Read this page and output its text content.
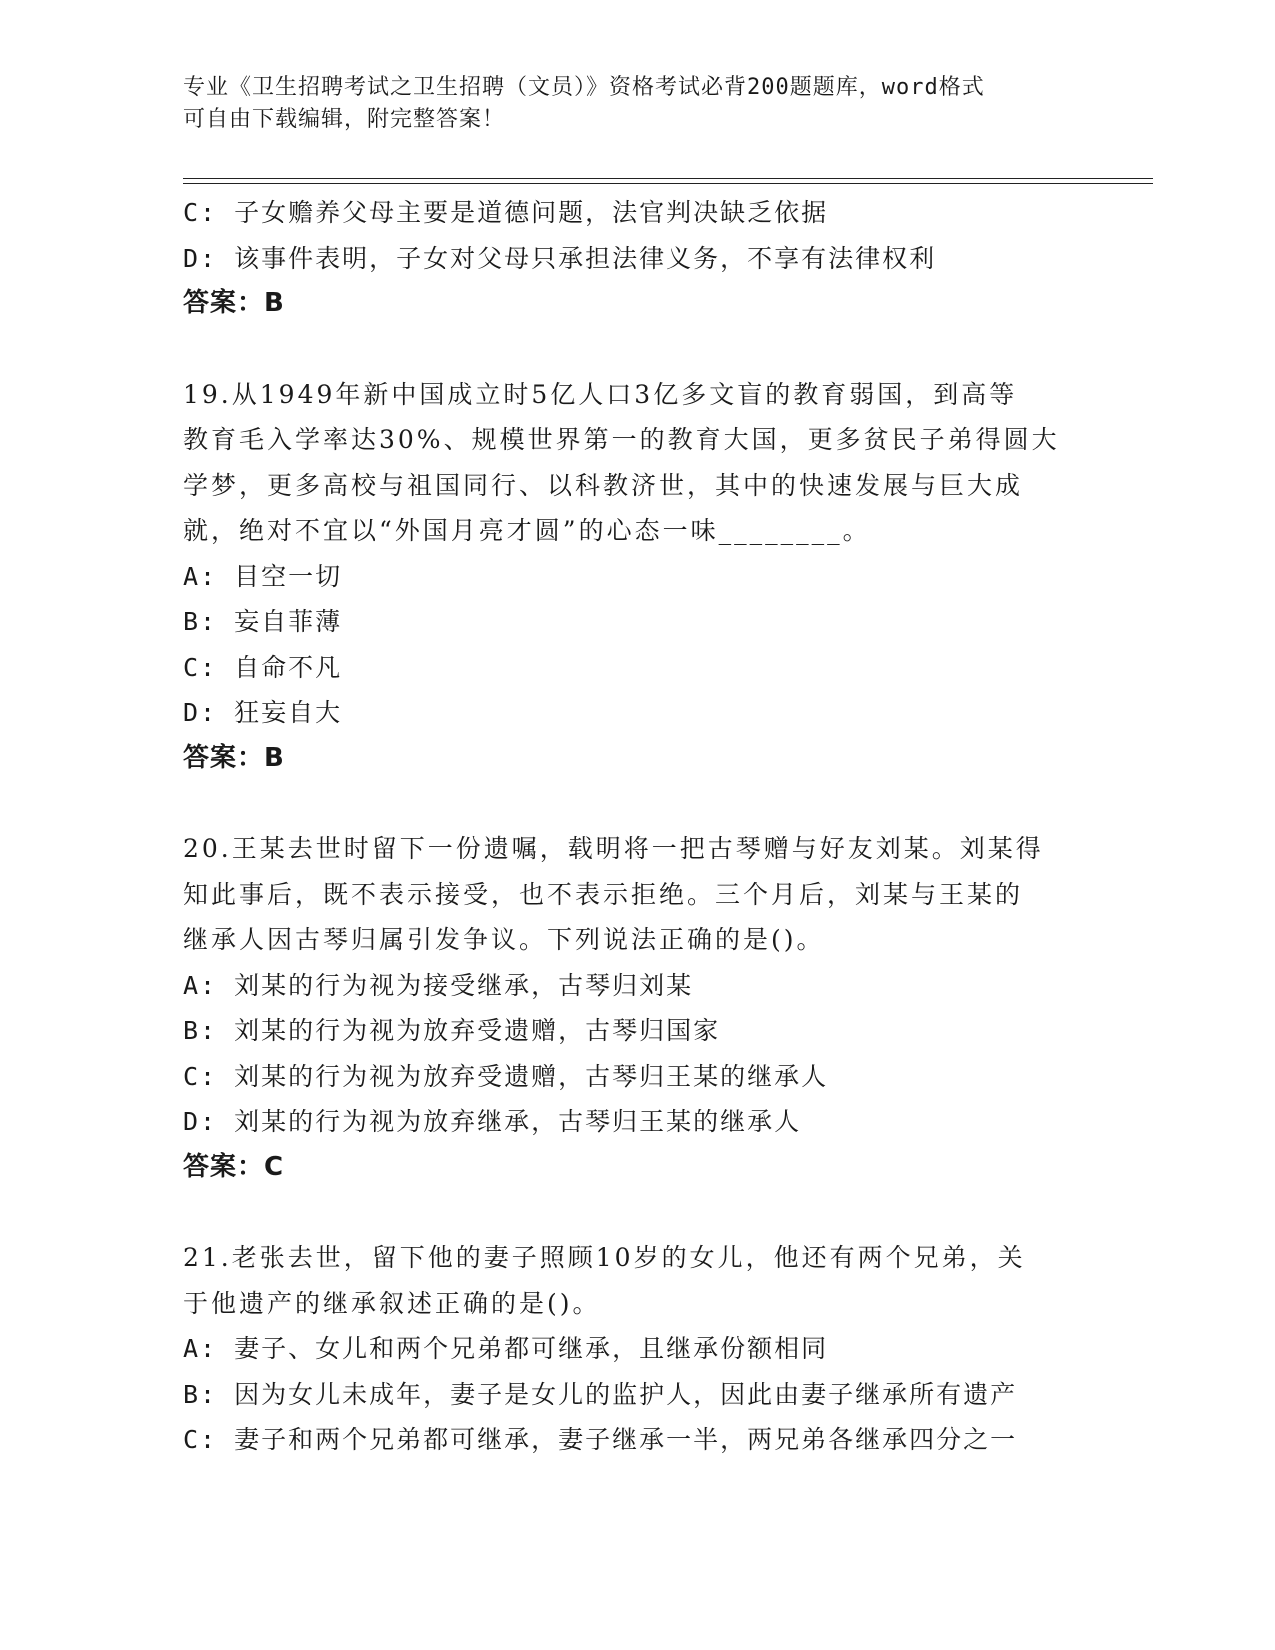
专业《卫生招聘考试之卫生招聘（文员）》资格考试必背200题题库，word格式
可自由下载编辑，附完整答案！
C: 子女赡养父母主要是道德问题，法官判决缺乏依据
D: 该事件表明，子女对父母只承担法律义务，不享有法律权利
答案：B
19.从1949年新中国成立时5亿人口3亿多文盲的教育弱国，到高等
教育毛入学率达30%、规模世界第一的教育大国，更多贫民子弟得圆大
学梦，更多高校与祖国同行、以科教济世，其中的快速发展与巨大成
就，绝对不宜以“外国月亮才圆”的心态一味________。
A: 目空一切
B: 妄自菲薄
C: 自命不凡
D: 狂妄自大
答案：B
20.王某去世时留下一份遗嘱，载明将一把古琴赠与好友刘某。刘某得
知此事后，既不表示接受，也不表示拒绝。三个月后，刘某与王某的
继承人因古琴归属引发争议。下列说法正确的是()。
A: 刘某的行为视为接受继承，古琴归刘某
B: 刘某的行为视为放弃受遗赠，古琴归国家
C: 刘某的行为视为放弃受遗赠，古琴归王某的继承人
D: 刘某的行为视为放弃继承，古琴归王某的继承人
答案：C
21.老张去世，留下他的妻子照顾10岁的女儿，他还有两个兄弟，关
于他遗产的继承叙述正确的是()。
A: 妻子、女儿和两个兄弟都可继承，且继承份额相同
B: 因为女儿未成年，妻子是女儿的监护人，因此由妻子继承所有遗产
C: 妻子和两个兄弟都可继承，妻子继承一半，两兄弟各继承四分之一
